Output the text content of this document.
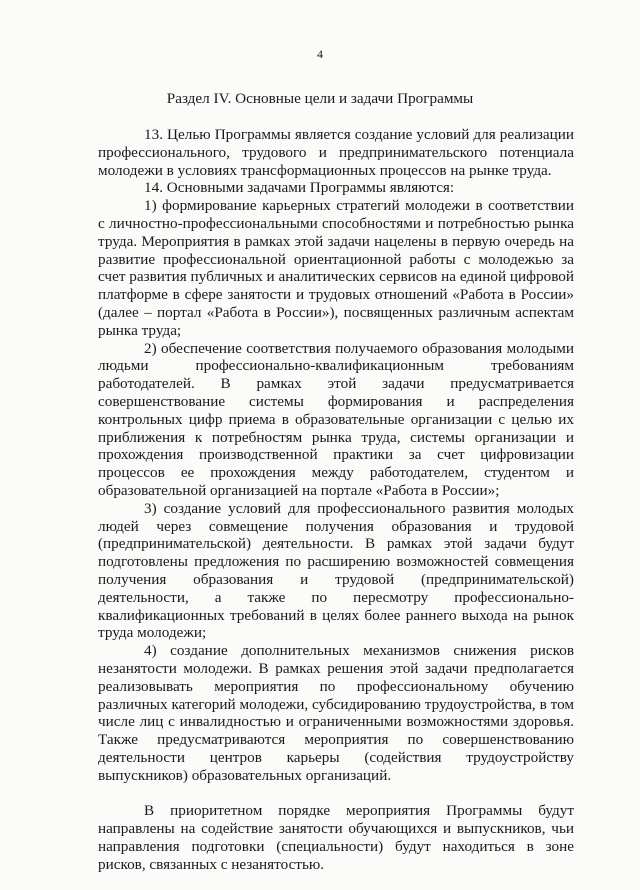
4
Раздел IV. Основные цели и задачи Программы

13. Целью Программы является создание условий для реализации профессионального, трудового и предпринимательского потенциала молодежи в условиях трансформационных процессов на рынке труда.

14. Основными задачами Программы являются:

1) формирование карьерных стратегий молодежи в соответствии с личностно-профессиональными способностями и потребностью рынка труда. Мероприятия в рамках этой задачи нацелены в первую очередь на развитие профессиональной ориентационной работы с молодежью за счет развития публичных и аналитических сервисов на единой цифровой платформе в сфере занятости и трудовых отношений «Работа в России» (далее – портал «Работа в России»), посвященных различным аспектам рынка труда;

2) обеспечение соответствия получаемого образования молодыми людьми профессионально-квалификационным требованиям работодателей. В рамках этой задачи предусматривается совершенствование системы формирования и распределения контрольных цифр приема в образовательные организации с целью их приближения к потребностям рынка труда, системы организации и прохождения производственной практики за счет цифровизации процессов ее прохождения между работодателем, студентом и образовательной организацией на портале «Работа в России»;

3) создание условий для профессионального развития молодых людей через совмещение получения образования и трудовой (предпринимательской) деятельности. В рамках этой задачи будут подготовлены предложения по расширению возможностей совмещения получения образования и трудовой (предпринимательской) деятельности, а также по пересмотру профессионально-квалификационных требований в целях более раннего выхода на рынок труда молодежи;

4) создание дополнительных механизмов снижения рисков незанятости молодежи. В рамках решения этой задачи предполагается реализовывать мероприятия по профессиональному обучению различных категорий молодежи, субсидированию трудоустройства, в том числе лиц с инвалидностью и ограниченными возможностями здоровья. Также предусматриваются мероприятия по совершенствованию деятельности центров карьеры (содействия трудоустройству выпускников) образовательных организаций.

В приоритетном порядке мероприятия Программы будут направлены на содействие занятости обучающихся и выпускников, чьи направления подготовки (специальности) будут находиться в зоне рисков, связанных с незанятостью.
